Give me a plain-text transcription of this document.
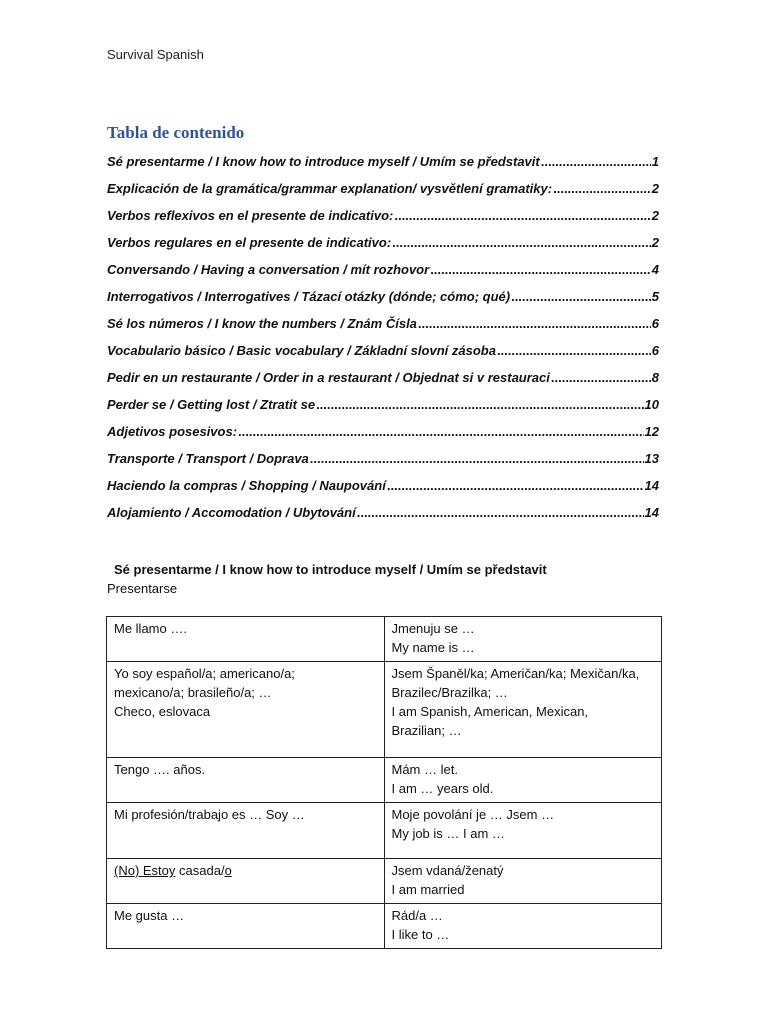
Survival Spanish
Tabla de contenido
Sé presentarme / I know how to introduce myself / Umím se představit .....	1
Explicación de la gramática/grammar explanation/ vysvětlení gramatiky: .....	2
Verbos reflexivos en el presente de indicativo: .....	2
Verbos regulares en el presente de indicativo: .....	2
Conversando / Having a conversation / mít rozhovor .....	4
Interrogativos / Interrogatives / Tázací otázky (dónde; cómo; qué) .....	5
Sé los números / I know the numbers / Znám Čísla .....	6
Vocabulario básico / Basic vocabulary / Základní slovní zásoba .....	6
Pedir en un restaurante / Order in a restaurant / Objednat si v restauraci .....	8
Perder se / Getting lost / Ztratit se .....	10
Adjetivos posesivos: .....	12
Transporte / Transport / Doprava .....	13
Haciendo la compras / Shopping / Naupování .....	14
Alojamiento / Accomodation / Ubytování .....	14
Sé presentarme / I know how to introduce myself / Umím se představit
Presentarse
Me llamo ….	Jmenuju se …
My name is …

Yo soy español/a; americano/a;
mexicano/a; brasileño/a; …
Checo, eslovaca	Jsem Španěl/ka; Američan/ka; Mexičan/ka,
Brazilec/Brazilka; …
I am Spanish, American, Mexican,
Brazilian; …

Tengo …. años.	Mám … let.
I am … years old.

Mi profesión/trabajo es … Soy …	Moje povolání je … Jsem …
My job is … I am …

(No) Estoy casada/o	Jsem vdaná/ženatý
I am married

Me gusta …	Rád/a …
I like to …
